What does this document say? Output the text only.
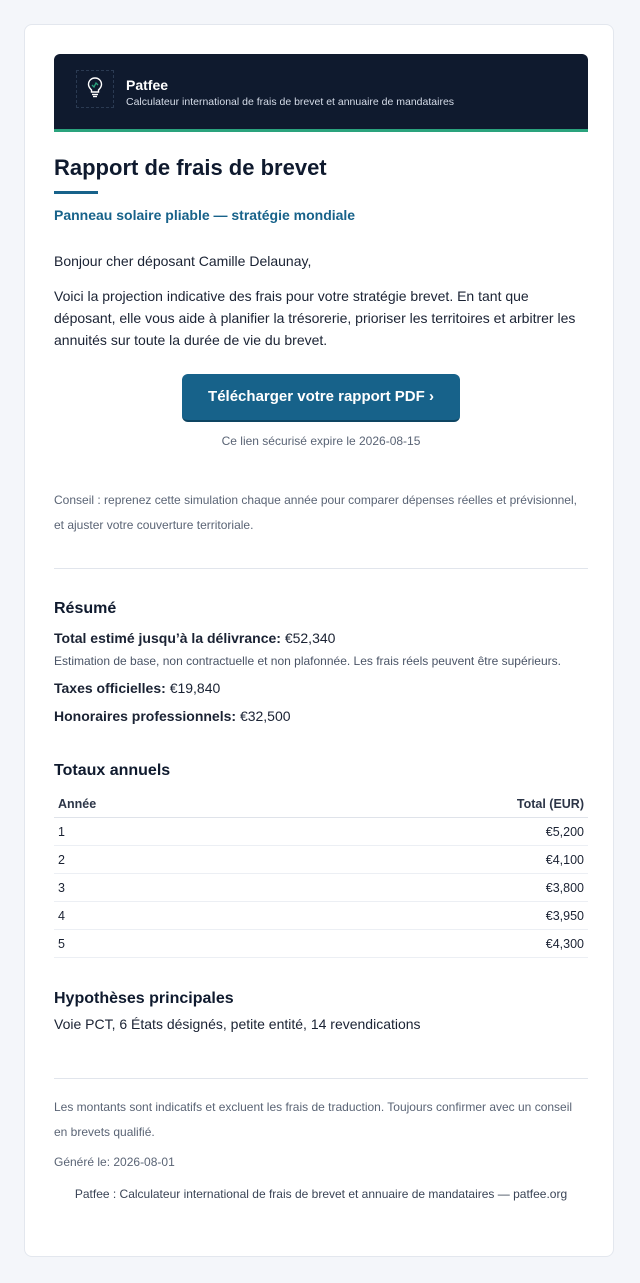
Patfee
Calculateur international de frais de brevet et annuaire de mandataires
Rapport de frais de brevet
Panneau solaire pliable — stratégie mondiale
Bonjour cher déposant Camille Delaunay,
Voici la projection indicative des frais pour votre stratégie brevet. En tant que déposant, elle vous aide à planifier la trésorerie, prioriser les territoires et arbitrer les annuités sur toute la durée de vie du brevet.
Télécharger votre rapport PDF ›
Ce lien sécurisé expire le 2026-08-15
Conseil : reprenez cette simulation chaque année pour comparer dépenses réelles et prévisionnel, et ajuster votre couverture territoriale.
Résumé
Total estimé jusqu’à la délivrance: €52,340
Estimation de base, non contractuelle et non plafonnée. Les frais réels peuvent être supérieurs.
Taxes officielles: €19,840
Honoraires professionnels: €32,500
Totaux annuels
Année	Total (EUR)
1	€5,200
2	€4,100
3	€3,800
4	€3,950
5	€4,300
Hypothèses principales
Voie PCT, 6 États désignés, petite entité, 14 revendications
Les montants sont indicatifs et excluent les frais de traduction. Toujours confirmer avec un conseil en brevets qualifié.
Généré le: 2026-08-01
Patfee : Calculateur international de frais de brevet et annuaire de mandataires — patfee.org
